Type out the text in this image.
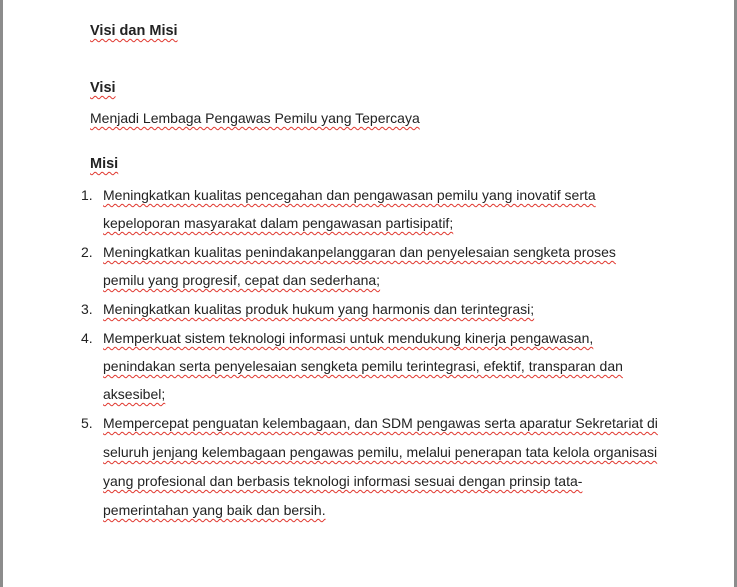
Visi dan Misi
Visi
Menjadi Lembaga Pengawas Pemilu yang Tepercaya
Misi
1. Meningkatkan kualitas pencegahan dan pengawasan pemilu yang inovatif serta
kepeloporan masyarakat dalam pengawasan partisipatif;
2. Meningkatkan kualitas penindakanpelanggaran dan penyelesaian sengketa proses
pemilu yang progresif, cepat dan sederhana;
3. Meningkatkan kualitas produk hukum yang harmonis dan terintegrasi;
4. Memperkuat sistem teknologi informasi untuk mendukung kinerja pengawasan,
penindakan serta penyelesaian sengketa pemilu terintegrasi, efektif, transparan dan
aksesibel;
5. Mempercepat penguatan kelembagaan, dan SDM pengawas serta aparatur Sekretariat di
seluruh jenjang kelembagaan pengawas pemilu, melalui penerapan tata kelola organisasi
yang profesional dan berbasis teknologi informasi sesuai dengan prinsip tata-
pemerintahan yang baik dan bersih.
